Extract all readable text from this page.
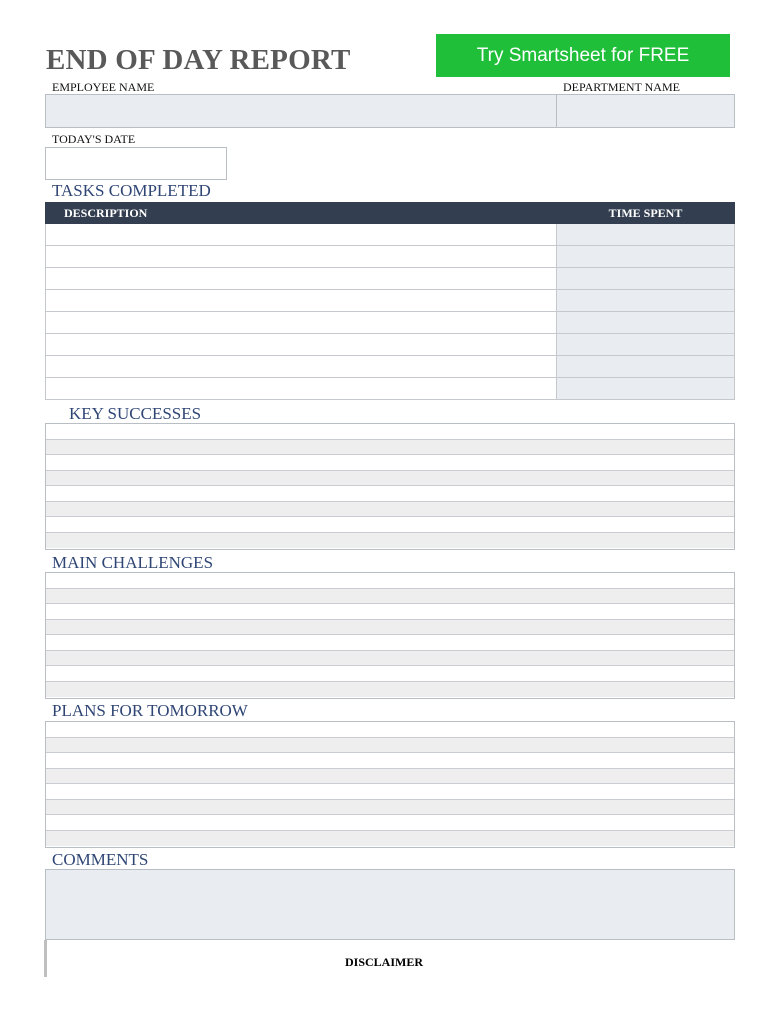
END OF DAY REPORT	Try Smartsheet for FREE
EMPLOYEE NAME	DEPARTMENT NAME
TODAY'S DATE
TASKS COMPLETED
DESCRIPTION	TIME SPENT

KEY SUCCESSES
MAIN CHALLENGES
PLANS FOR TOMORROW
COMMENTS
DISCLAIMER
